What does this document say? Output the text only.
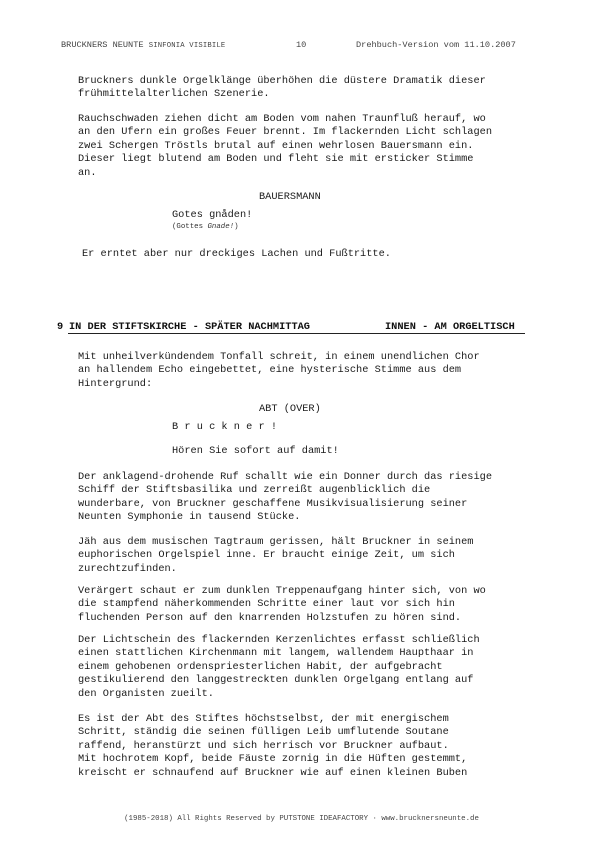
BRUCKNERS NEUNTE SINFONIA VISIBILE	10	Drehbuch-Version vom 11.10.2007
Bruckners dunkle Orgelklänge überhöhen die düstere Dramatik dieser
frühmittelalterlichen Szenerie.
Rauchschwaden ziehen dicht am Boden vom nahen Traunfluß herauf, wo
an den Ufern ein großes Feuer brennt. Im flackernden Licht schlagen
zwei Schergen Tröstls brutal auf einen wehrlosen Bauersmann ein.
Dieser liegt blutend am Boden und fleht sie mit ersticker Stimme
an.
BAUERSMANN
Gotes gnåden!
(Gottes Gnade!)
Er erntet aber nur dreckiges Lachen und Fußtritte.
9 IN DER STIFTSKIRCHE - SPÄTER NACHMITTAG	INNEN - AM ORGELTISCH
Mit unheilverkündendem Tonfall schreit, in einem unendlichen Chor
an hallendem Echo eingebettet, eine hysterische Stimme aus dem
Hintergrund:
ABT (OVER)
B r u c k n e r !
Hören Sie sofort auf damit!
Der anklagend-drohende Ruf schallt wie ein Donner durch das riesige
Schiff der Stiftsbasilika und zerreißt augenblicklich die
wunderbare, von Bruckner geschaffene Musikvisualisierung seiner
Neunten Symphonie in tausend Stücke.
Jäh aus dem musischen Tagtraum gerissen, hält Bruckner in seinem
euphorischen Orgelspiel inne. Er braucht einige Zeit, um sich
zurechtzufinden.
Verärgert schaut er zum dunklen Treppenaufgang hinter sich, von wo
die stampfend näherkommenden Schritte einer laut vor sich hin
fluchenden Person auf den knarrenden Holzstufen zu hören sind.
Der Lichtschein des flackernden Kerzenlichtes erfasst schließlich
einen stattlichen Kirchenmann mit langem, wallendem Haupthaar in
einem gehobenen ordenspriesterlichen Habit, der aufgebracht
gestikulierend den langgestreckten dunklen Orgelgang entlang auf
den Organisten zueilt.
Es ist der Abt des Stiftes höchstselbst, der mit energischem
Schritt, ständig die seinen fülligen Leib umflutende Soutane
raffend, heranstürzt und sich herrisch vor Bruckner aufbaut.
Mit hochrotem Kopf, beide Fäuste zornig in die Hüften gestemmt,
kreischt er schnaufend auf Bruckner wie auf einen kleinen Buben
(1985-2018) All Rights Reserved by PUTSTONE IDEAFACTORY · www.brucknersneunte.de
